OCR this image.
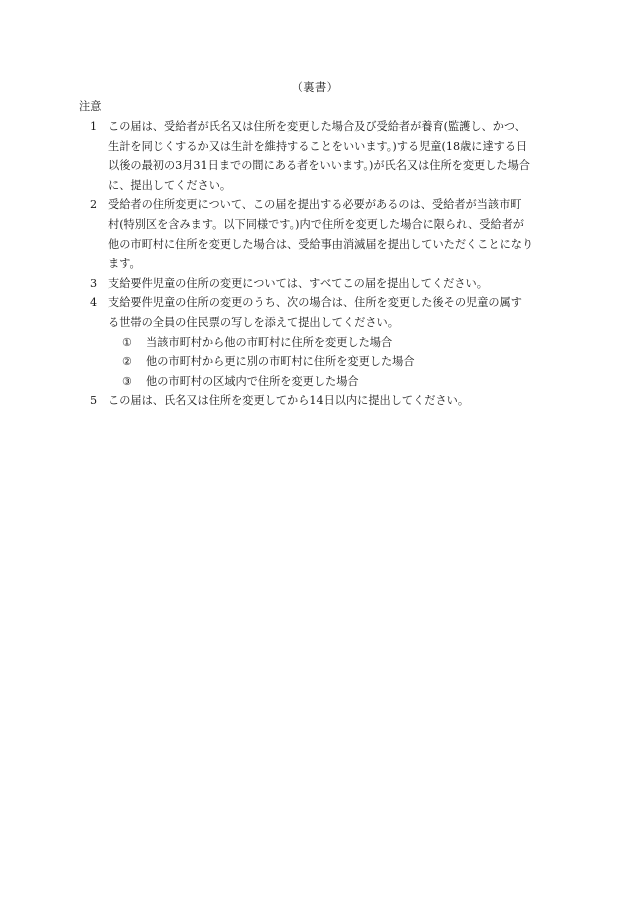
（裏書）
注意
1 この届は、受給者が氏名又は住所を変更した場合及び受給者が養育(監護し、かつ、
生計を同じくするか又は生計を維持することをいいます。)する児童(18歳に達する日
以後の最初の3月31日までの間にある者をいいます。)が氏名又は住所を変更した場合
に、提出してください。
2 受給者の住所変更について、この届を提出する必要があるのは、受給者が当該市町
村(特別区を含みます。以下同様です。)内で住所を変更した場合に限られ、受給者が
他の市町村に住所を変更した場合は、受給事由消滅届を提出していただくことになり
ます。
3 支給要件児童の住所の変更については、すべてこの届を提出してください。
4 支給要件児童の住所の変更のうち、次の場合は、住所を変更した後その児童の属す
る世帯の全員の住民票の写しを添えて提出してください。
①	当該市町村から他の市町村に住所を変更した場合
②	他の市町村から更に別の市町村に住所を変更した場合
③	他の市町村の区域内で住所を変更した場合
5 この届は、氏名又は住所を変更してから14日以内に提出してください。
